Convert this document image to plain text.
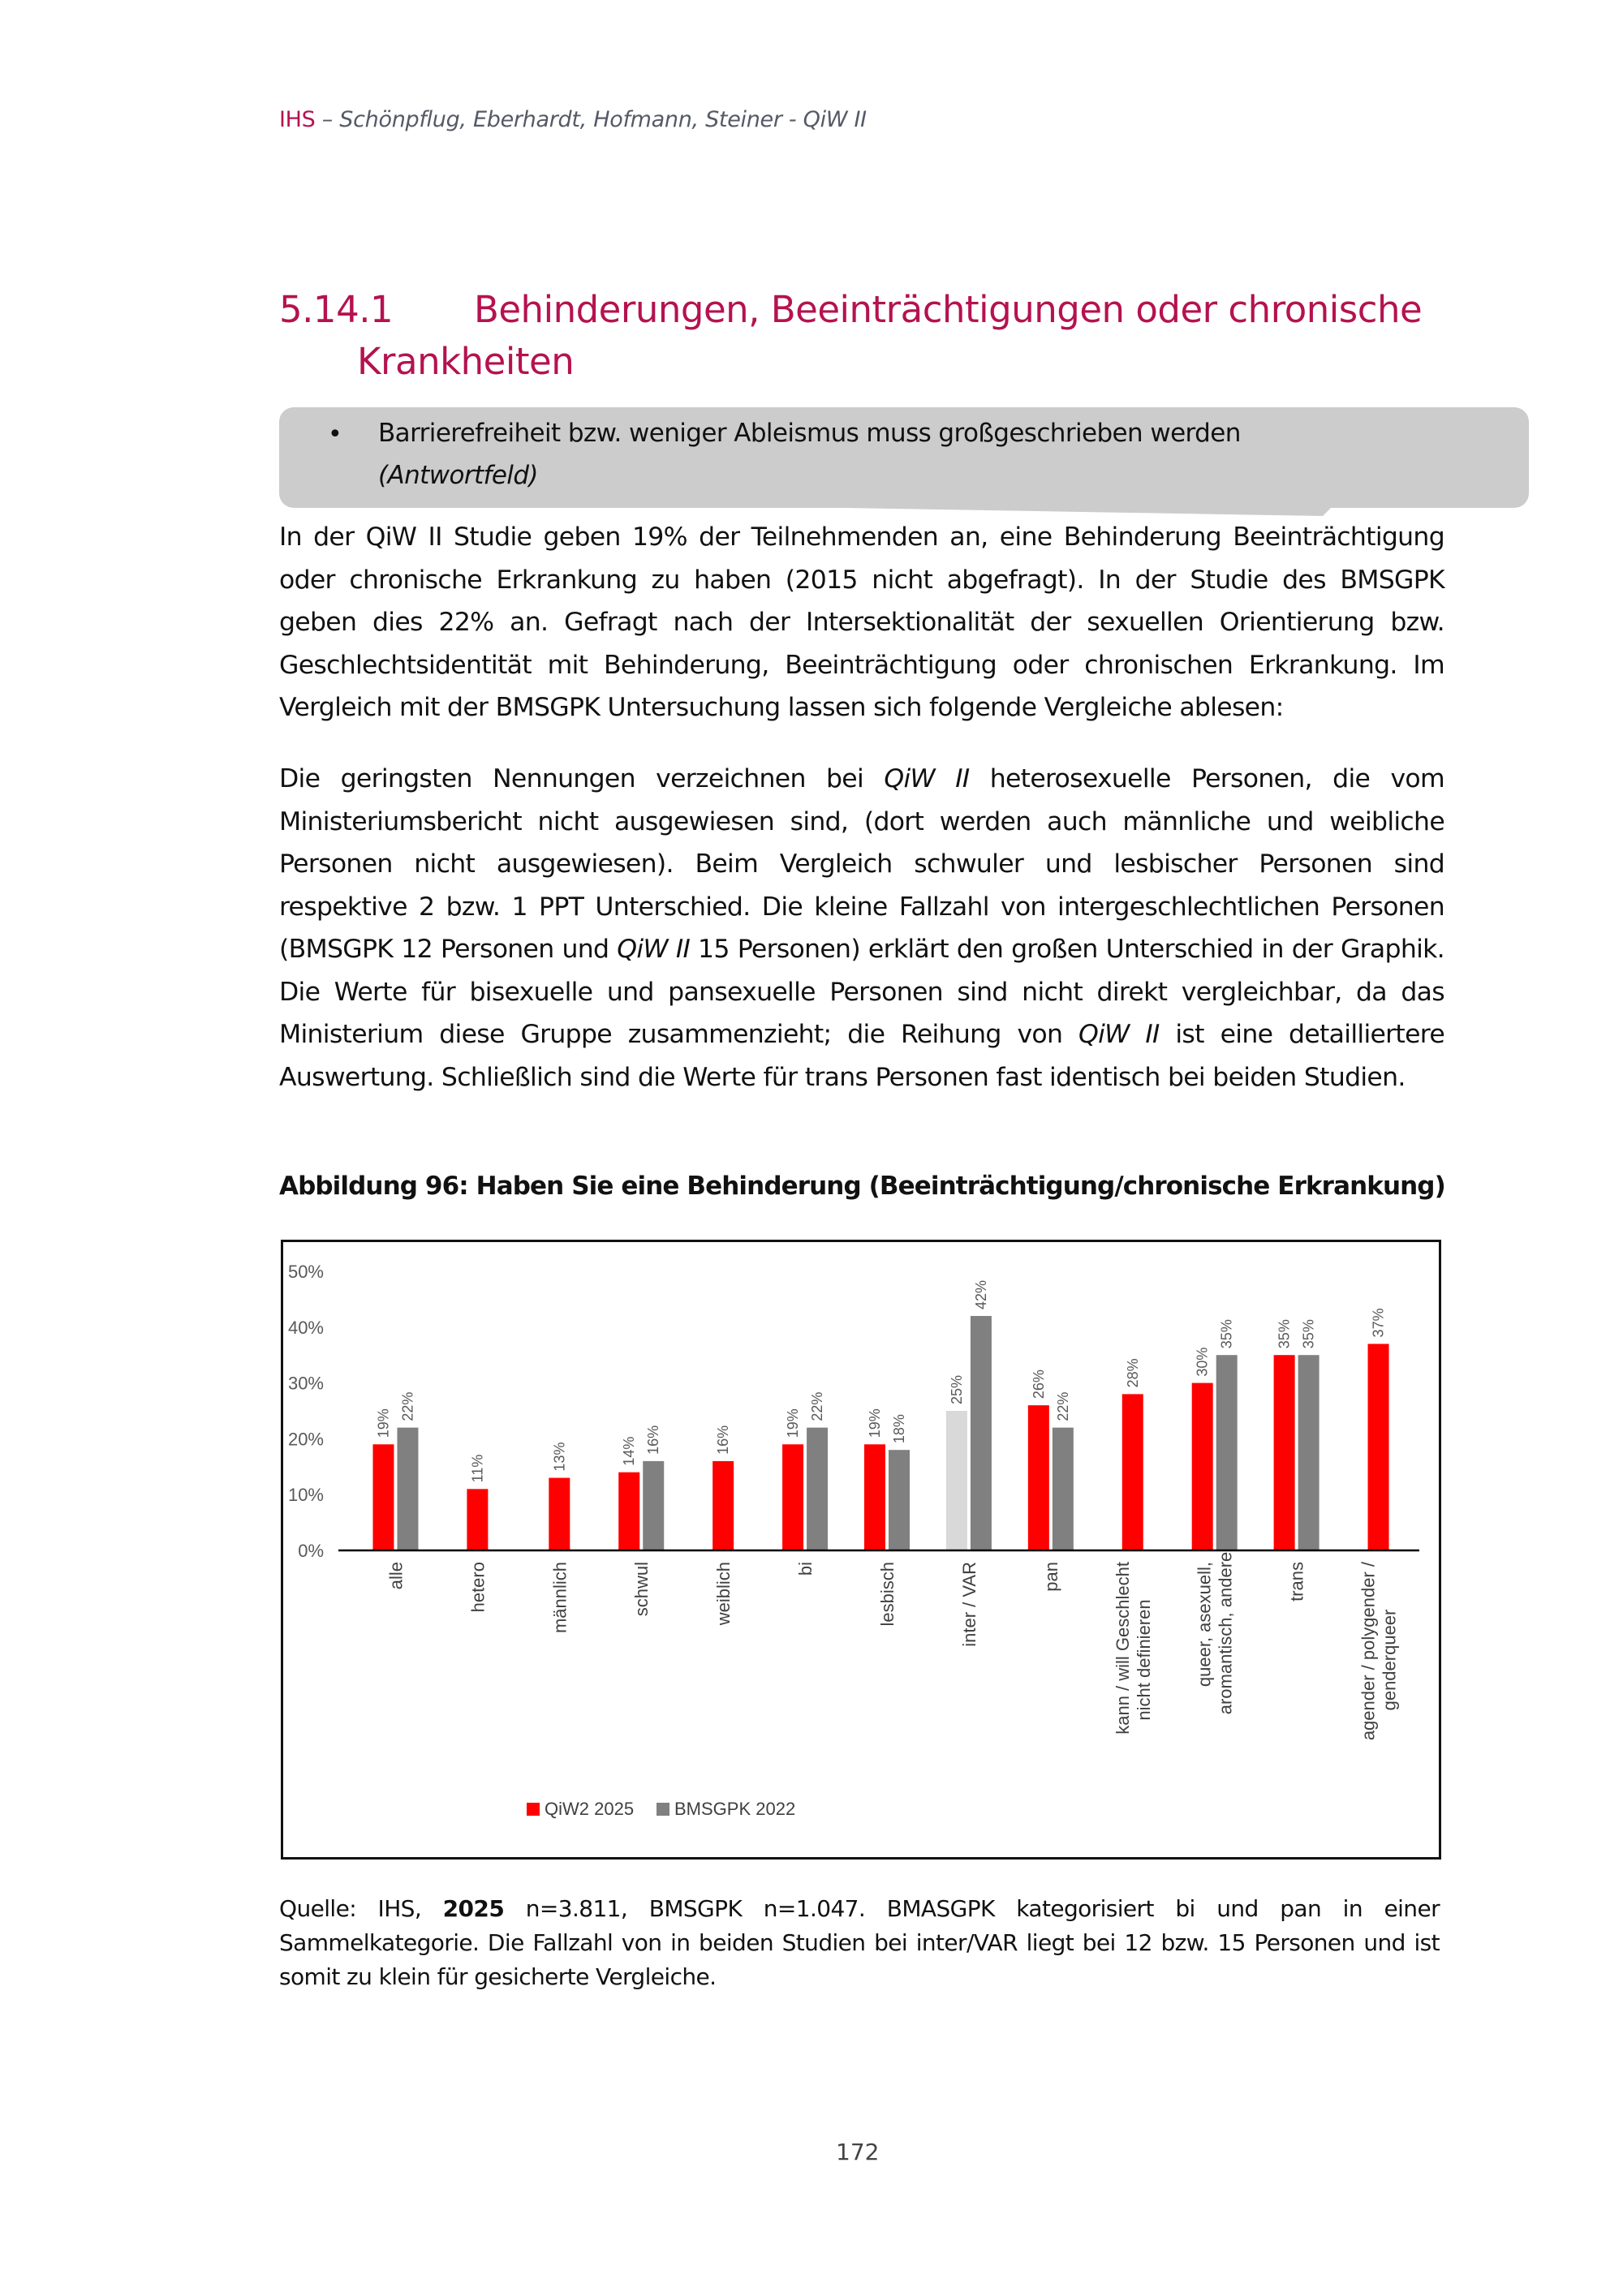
IHS – Schönpflug, Eberhardt, Hofmann, Steiner - QiW II
5.14.1 Behinderungen, Beeinträchtigungen oder chronische
Krankheiten
• Barrierefreiheit bzw. weniger Ableismus muss großgeschrieben werden
(Antwortfeld)
In der QiW II Studie geben 19% der Teilnehmenden an, eine Behinderung Beeinträchtigung oder chronische Erkrankung zu haben (2015 nicht abgefragt). In der Studie des BMSGPK geben dies 22% an. Gefragt nach der Intersektionalität der sexuellen Orientierung bzw. Geschlechtsidentität mit Behinderung, Beeinträchtigung oder chronischen Erkrankung. Im Vergleich mit der BMSGPK Untersuchung lassen sich folgende Vergleiche ablesen:
Die geringsten Nennungen verzeichnen bei QiW II heterosexuelle Personen, die vom Ministeriumsbericht nicht ausgewiesen sind, (dort werden auch männliche und weibliche Personen nicht ausgewiesen). Beim Vergleich schwuler und lesbischer Personen sind respektive 2 bzw. 1 PPT Unterschied. Die kleine Fallzahl von intergeschlechtlichen Personen (BMSGPK 12 Personen und QiW II 15 Personen) erklärt den großen Unterschied in der Graphik. Die Werte für bisexuelle und pansexuelle Personen sind nicht direkt vergleichbar, da das Ministerium diese Gruppe zusammenzieht; die Reihung von QiW II ist eine detailliertere Auswertung. Schließlich sind die Werte für trans Personen fast identisch bei beiden Studien.
Abbildung 96: Haben Sie eine Behinderung (Beeinträchtigung/chronische Erkrankung)
0%
10%
20%
30%
40%
50%
19%
22%
alle
11%
hetero
13%
männlich
14% 16%
schwul
16%
weiblich
19%
22%
bi
19% 18%
lesbisch
25%
42%
inter / VAR
26%
22%
pan
28%
kann / will Geschlecht nicht definieren
30%
35%
queer, asexuell, aromantisch, andere
35% 35%
trans
37%
agender / polygender / genderqueer
QiW2 2025 BMSGPK 2022
Quelle: IHS, 2025 n=3.811, BMSGPK n=1.047. BMASGPK kategorisiert bi und pan in einer Sammelkategorie. Die Fallzahl von in beiden Studien bei inter/VAR liegt bei 12 bzw. 15 Personen und ist somit zu klein für gesicherte Vergleiche.
172
